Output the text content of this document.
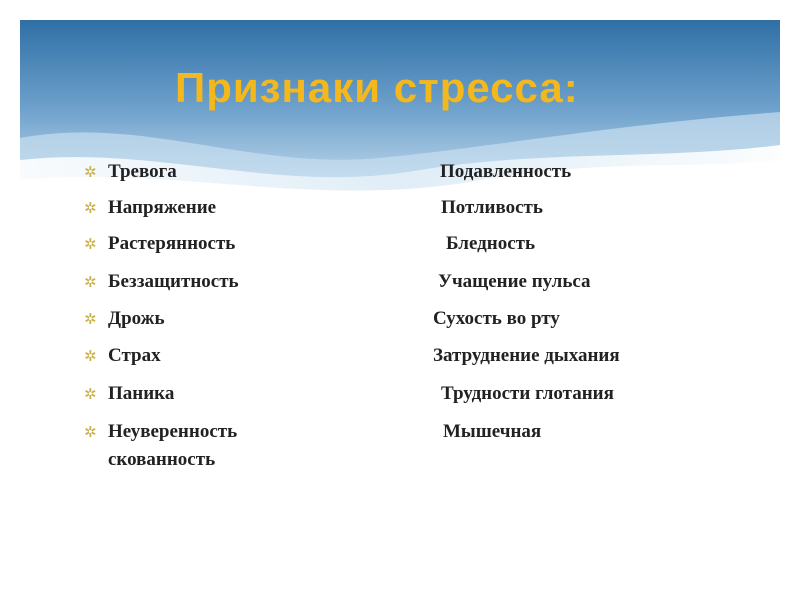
Признаки стресса:
✲ Тревога	Подавленность
✲ Напряжение	Потливость
✲ Растерянность	Бледность
✲ Беззащитность	Учащение пульса
✲ Дрожь	Сухость во рту
✲ Страх	Затруднение дыхания
✲ Паника	Трудности глотания
✲ Неуверенность	Мышечная
скованность
